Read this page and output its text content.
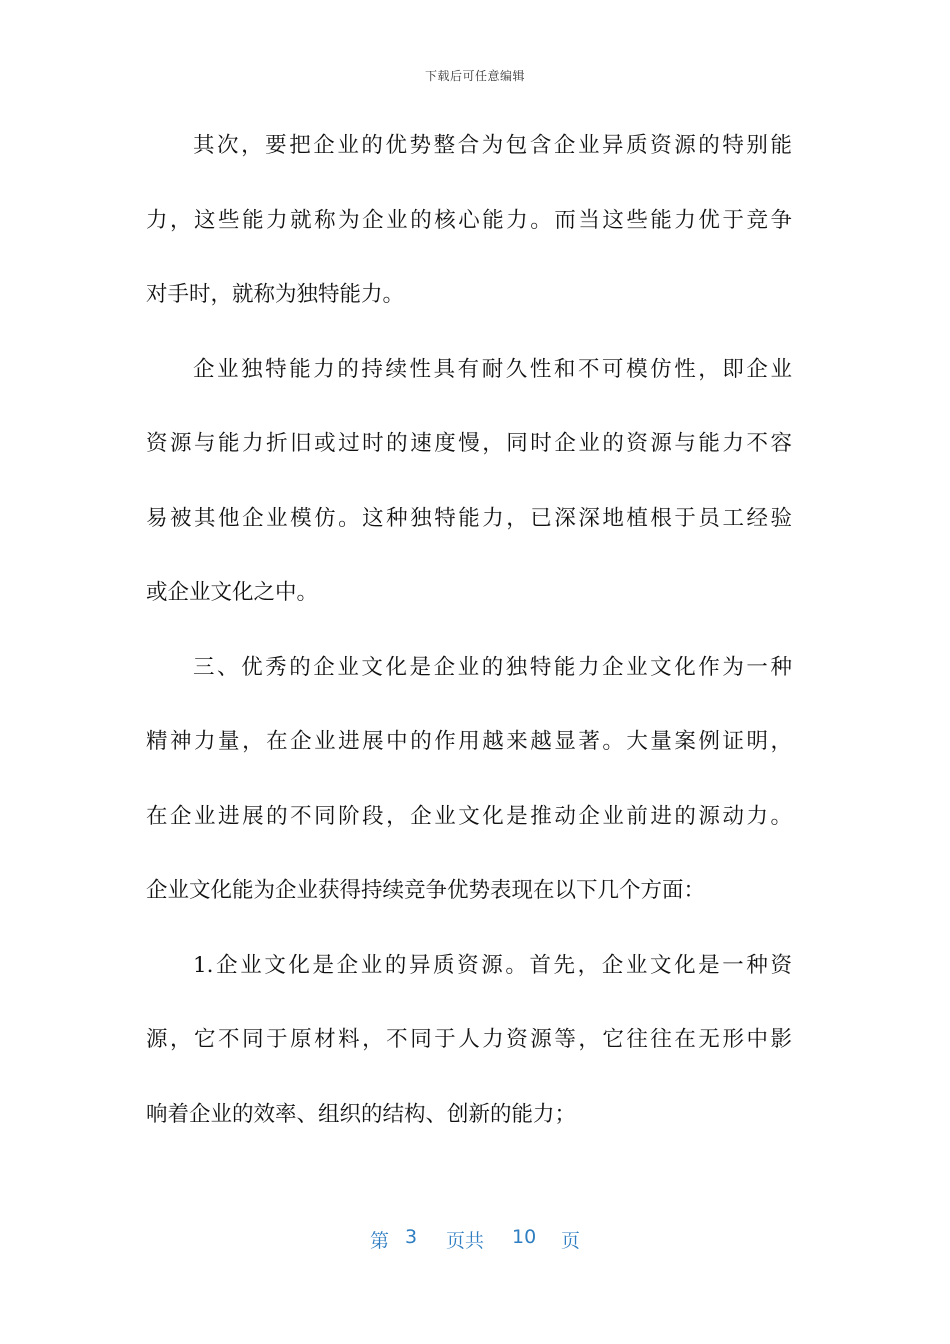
下载后可任意编辑
其次，要把企业的优势整合为包含企业异质资源的特别能
力，这些能力就称为企业的核心能力。而当这些能力优于竞争
对手时，就称为独特能力。
企业独特能力的持续性具有耐久性和不可模仿性，即企业
资源与能力折旧或过时的速度慢，同时企业的资源与能力不容
易被其他企业模仿。这种独特能力，已深深地植根于员工经验
或企业文化之中。
三、优秀的企业文化是企业的独特能力企业文化作为一种
精神力量，在企业进展中的作用越来越显著。大量案例证明，
在企业进展的不同阶段，企业文化是推动企业前进的源动力。
企业文化能为企业获得持续竞争优势表现在以下几个方面：
1.企业文化是企业的异质资源。首先，企业文化是一种资
源，它不同于原材料，不同于人力资源等，它往往在无形中影
响着企业的效率、组织的结构、创新的能力；
第 3 页共 10 页
